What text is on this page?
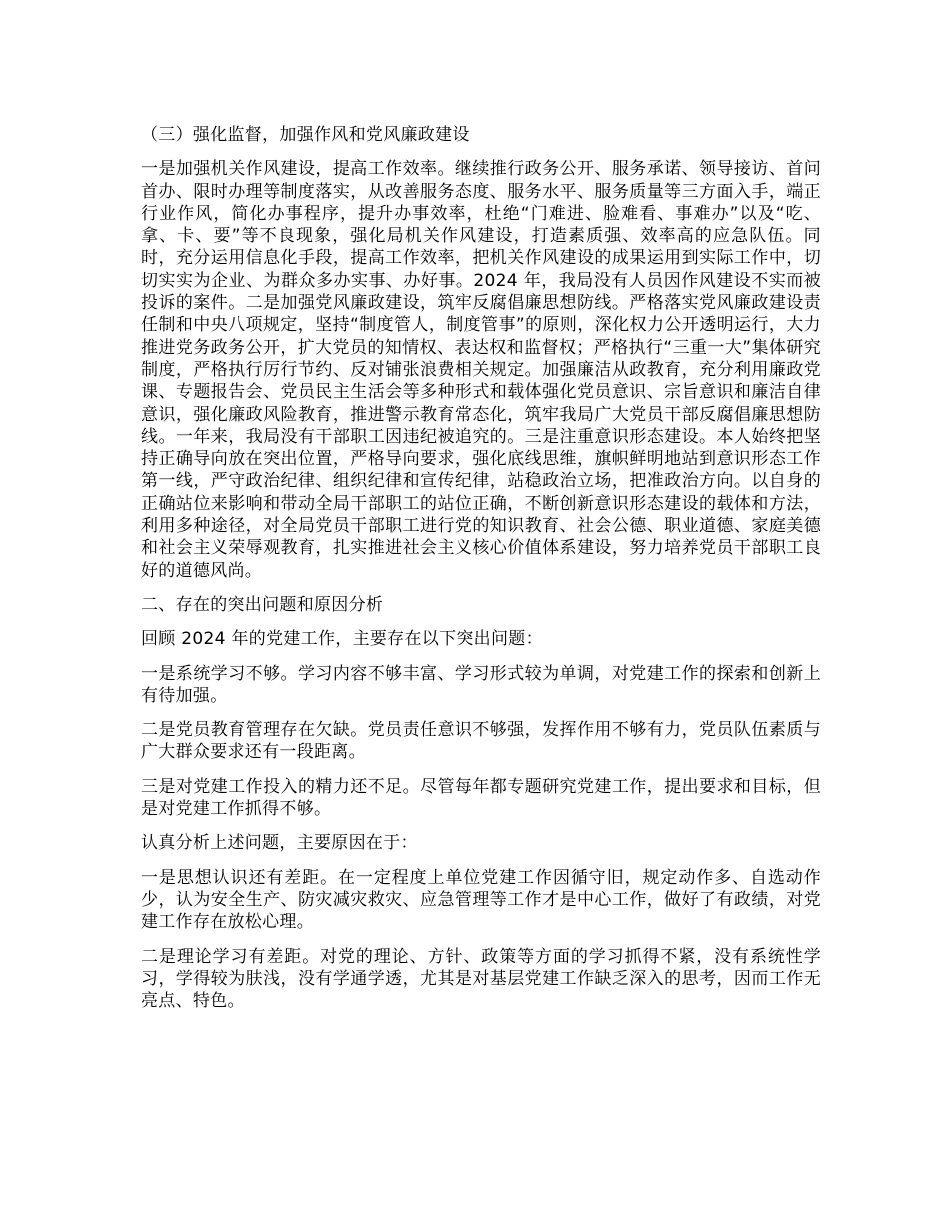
（三）强化监督，加强作风和党风廉政建设

一是加强机关作风建设，提高工作效率。继续推行政务公开、服务承诺、领导接访、首问首办、限时办理等制度落实，从改善服务态度、服务水平、服务质量等三方面入手，端正行业作风，简化办事程序，提升办事效率，杜绝“门难进、脸难看、事难办”以及“吃、拿、卡、要”等不良现象，强化局机关作风建设，打造素质强、效率高的应急队伍。同时，充分运用信息化手段，提高工作效率，把机关作风建设的成果运用到实际工作中，切切实实为企业、为群众多办实事、办好事。2024 年，我局没有人员因作风建设不实而被投诉的案件。二是加强党风廉政建设，筑牢反腐倡廉思想防线。严格落实党风廉政建设责任制和中央八项规定，坚持“制度管人，制度管事”的原则，深化权力公开透明运行，大力推进党务政务公开，扩大党员的知情权、表达权和监督权；严格执行“三重一大”集体研究制度，严格执行厉行节约、反对铺张浪费相关规定。加强廉洁从政教育，充分利用廉政党课、专题报告会、党员民主生活会等多种形式和载体强化党员意识、宗旨意识和廉洁自律意识，强化廉政风险教育，推进警示教育常态化，筑牢我局广大党员干部反腐倡廉思想防线。一年来，我局没有干部职工因违纪被追究的。三是注重意识形态建设。本人始终把坚持正确导向放在突出位置，严格导向要求，强化底线思维，旗帜鲜明地站到意识形态工作第一线，严守政治纪律、组织纪律和宣传纪律，站稳政治立场，把准政治方向。以自身的正确站位来影响和带动全局干部职工的站位正确，不断创新意识形态建设的载体和方法，利用多种途径，对全局党员干部职工进行党的知识教育、社会公德、职业道德、家庭美德和社会主义荣辱观教育，扎实推进社会主义核心价值体系建设，努力培养党员干部职工良好的道德风尚。

二、存在的突出问题和原因分析

回顾 2024 年的党建工作，主要存在以下突出问题：

一是系统学习不够。学习内容不够丰富、学习形式较为单调，对党建工作的探索和创新上有待加强。

二是党员教育管理存在欠缺。党员责任意识不够强，发挥作用不够有力，党员队伍素质与广大群众要求还有一段距离。

三是对党建工作投入的精力还不足。尽管每年都专题研究党建工作，提出要求和目标，但是对党建工作抓得不够。

认真分析上述问题，主要原因在于：

一是思想认识还有差距。在一定程度上单位党建工作因循守旧，规定动作多、自选动作少，认为安全生产、防灾减灾救灾、应急管理等工作才是中心工作，做好了有政绩，对党建工作存在放松心理。

二是理论学习有差距。对党的理论、方针、政策等方面的学习抓得不紧，没有系统性学习，学得较为肤浅，没有学通学透，尤其是对基层党建工作缺乏深入的思考，因而工作无亮点、特色。
